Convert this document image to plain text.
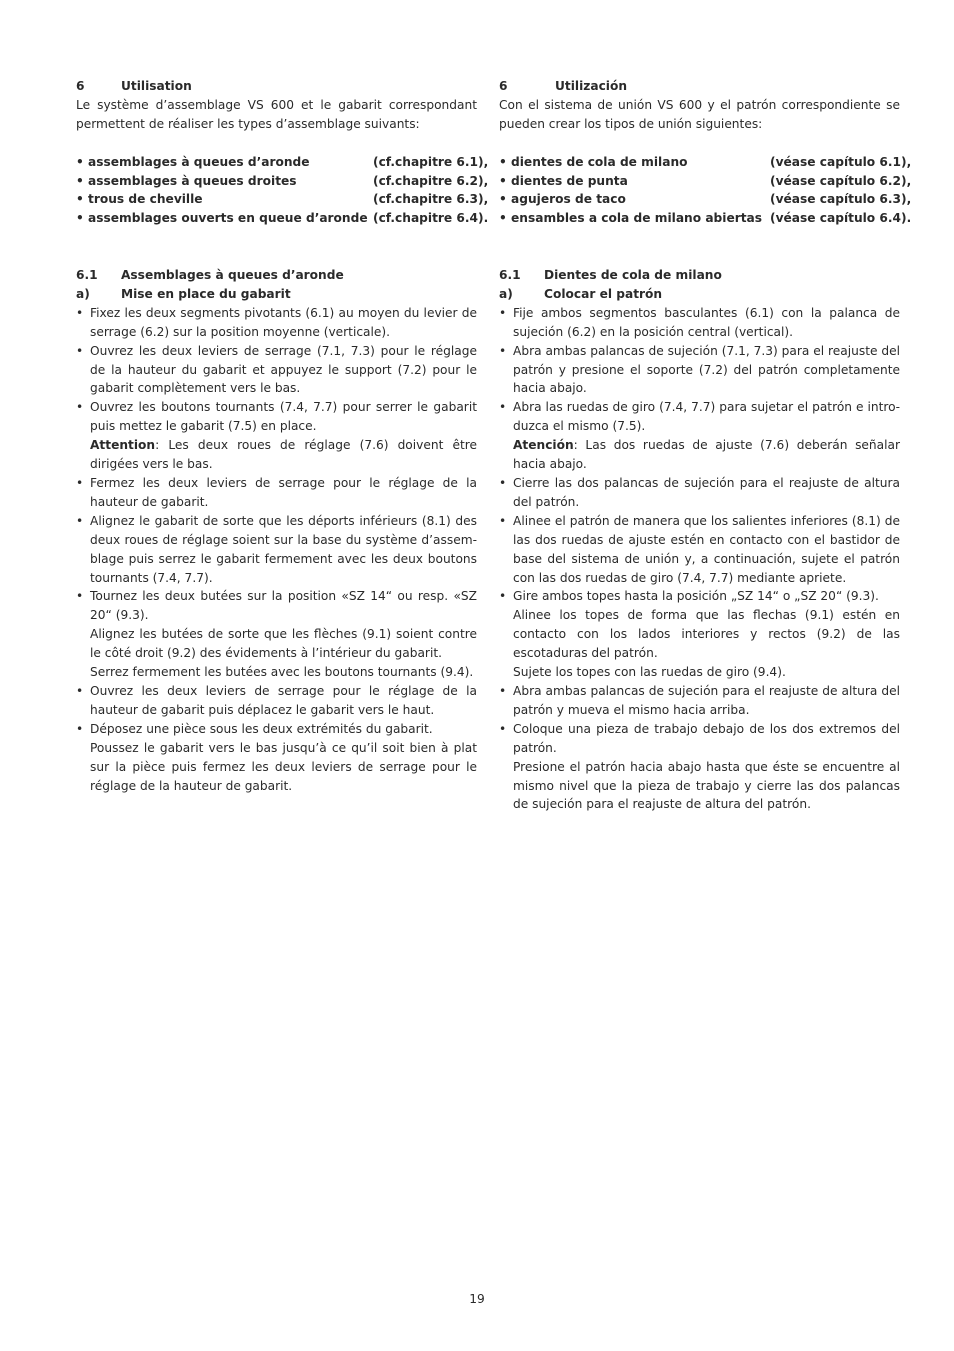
6	Utilisation
Le système d’assemblage VS 600 et le gabarit correspondant permettent de réaliser les types d’assemblage suivants:
• assemblages à queues d’aronde	(cf.chapitre 6.1),
• assemblages à queues droites	(cf.chapitre 6.2),
• trous de cheville	(cf.chapitre 6.3),
• assemblages ouverts en queue d’aronde (cf.chapitre 6.4).
6.1	Assemblages à queues d’aronde
a)	Mise en place du gabarit
• Fixez les deux segments pivotants (6.1) au moyen du levier de serrage (6.2) sur la position moyenne (verticale).

• Ouvrez les deux leviers de serrage (7.1, 7.3) pour le réglage de la hauteur du gabarit et appuyez le support (7.2) pour le gabarit complètement vers le bas.

• Ouvrez les boutons tournants (7.4, 7.7) pour serrer le gabarit puis mettez le gabarit (7.5) en place.

Attention: Les deux roues de réglage (7.6) doivent être dirigées vers le bas.

• Fermez les deux leviers de serrage pour le réglage de la hauteur de gabarit.

• Alignez le gabarit de sorte que les déports inférieurs (8.1) des deux roues de réglage soient sur la base du système d’assemblage puis serrez le gabarit fermement avec les deux boutons tournants (7.4, 7.7).

• Tournez les deux butées sur la position «SZ 14“ ou resp. «SZ 20“ (9.3).

Alignez les butées de sorte que les flèches (9.1) soient contre le côté droit (9.2) des évidements à l’intérieur du gabarit.

Serrez fermement les butées avec les boutons tournants (9.4).

• Ouvrez les deux leviers de serrage pour le réglage de la hauteur de gabarit puis déplacez le gabarit vers le haut.

• Déposez une pièce sous les deux extrémités du gabarit.

Poussez le gabarit vers le bas jusqu’à ce qu’il soit bien à plat sur la pièce puis fermez les deux leviers de serrage pour le réglage de la hauteur de gabarit.

6	Utilización
Con el sistema de unión VS 600 y el patrón correspondiente se pueden crear los tipos de unión siguientes:
• dientes de cola de milano	(véase capítulo 6.1),
• dientes de punta	(véase capítulo 6.2),
• agujeros de taco	(véase capítulo 6.3),
• ensambles a cola de milano abiertas (véase capítulo 6.4).
6.1	Dientes de cola de milano
a)	Colocar el patrón
• Fije ambos segmentos basculantes (6.1) con la palanca de sujeción (6.2) en la posición central (vertical).

• Abra ambas palancas de sujeción (7.1, 7.3) para el reajuste del patrón y presione el soporte (7.2) del patrón completamente hacia abajo.

• Abra las ruedas de giro (7.4, 7.7) para sujetar el patrón e introduzca el mismo (7.5).

Atención: Las dos ruedas de ajuste (7.6) deberán señalar hacia abajo.

• Cierre las dos palancas de sujeción para el reajuste de altura del patrón.

• Alinee el patrón de manera que los salientes inferiores (8.1) de las dos ruedas de ajuste estén en contacto con el bastidor de base del sistema de unión y, a continuación, sujete el patrón con las dos ruedas de giro (7.4, 7.7) mediante apriete.

• Gire ambos topes hasta la posición „SZ 14“ o „SZ 20“ (9.3).

Alinee los topes de forma que las flechas (9.1) estén en contacto con los lados interiores y rectos (9.2) de las escotaduras del patrón.

Sujete los topes con las ruedas de giro (9.4).

• Abra ambas palancas de sujeción para el reajuste de altura del patrón y mueva el mismo hacia arriba.

• Coloque una pieza de trabajo debajo de los dos extremos del patrón.

Presione el patrón hacia abajo hasta que éste se encuentre al mismo nivel que la pieza de trabajo y cierre las dos palancas de sujeción para el reajuste de altura del patrón.

19
